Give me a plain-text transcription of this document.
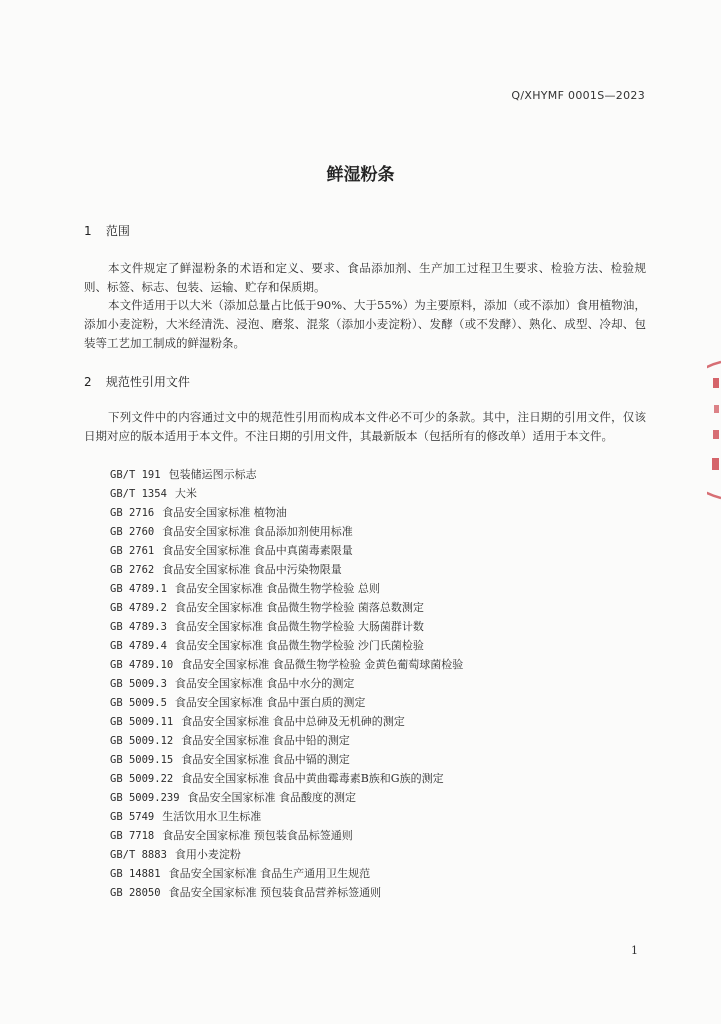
Q/XHYMF 0001S—2023
鲜湿粉条
1 范围

本文件规定了鲜湿粉条的术语和定义、要求、食品添加剂、生产加工过程卫生要求、检验方法、检验规则、标签、标志、包装、运输、贮存和保质期。

本文件适用于以大米（添加总量占比低于90%、大于55%）为主要原料，添加（或不添加）食用植物油，添加小麦淀粉，大米经清洗、浸泡、磨浆、混浆（添加小麦淀粉）、发酵（或不发酵）、熟化、成型、冷却、包装等工艺加工制成的鲜湿粉条。

2 规范性引用文件

下列文件中的内容通过文中的规范性引用而构成本文件必不可少的条款。其中，注日期的引用文件，仅该日期对应的版本适用于本文件。不注日期的引用文件，其最新版本（包括所有的修改单）适用于本文件。

GB/T 191 包装储运图示标志
GB/T 1354 大米
GB 2716 食品安全国家标准 植物油
GB 2760 食品安全国家标准 食品添加剂使用标准
GB 2761 食品安全国家标准 食品中真菌毒素限量
GB 2762 食品安全国家标准 食品中污染物限量
GB 4789.1 食品安全国家标准 食品微生物学检验 总则
GB 4789.2 食品安全国家标准 食品微生物学检验 菌落总数测定
GB 4789.3 食品安全国家标准 食品微生物学检验 大肠菌群计数
GB 4789.4 食品安全国家标准 食品微生物学检验 沙门氏菌检验
GB 4789.10 食品安全国家标准 食品微生物学检验 金黄色葡萄球菌检验
GB 5009.3 食品安全国家标准 食品中水分的测定
GB 5009.5 食品安全国家标准 食品中蛋白质的测定
GB 5009.11 食品安全国家标准 食品中总砷及无机砷的测定
GB 5009.12 食品安全国家标准 食品中铅的测定
GB 5009.15 食品安全国家标准 食品中镉的测定
GB 5009.22 食品安全国家标准 食品中黄曲霉毒素B族和G族的测定
GB 5009.239 食品安全国家标准 食品酸度的测定
GB 5749 生活饮用水卫生标准
GB 7718 食品安全国家标准 预包装食品标签通则
GB/T 8883 食用小麦淀粉
GB 14881 食品安全国家标准 食品生产通用卫生规范
GB 28050 食品安全国家标准 预包装食品营养标签通则
1
